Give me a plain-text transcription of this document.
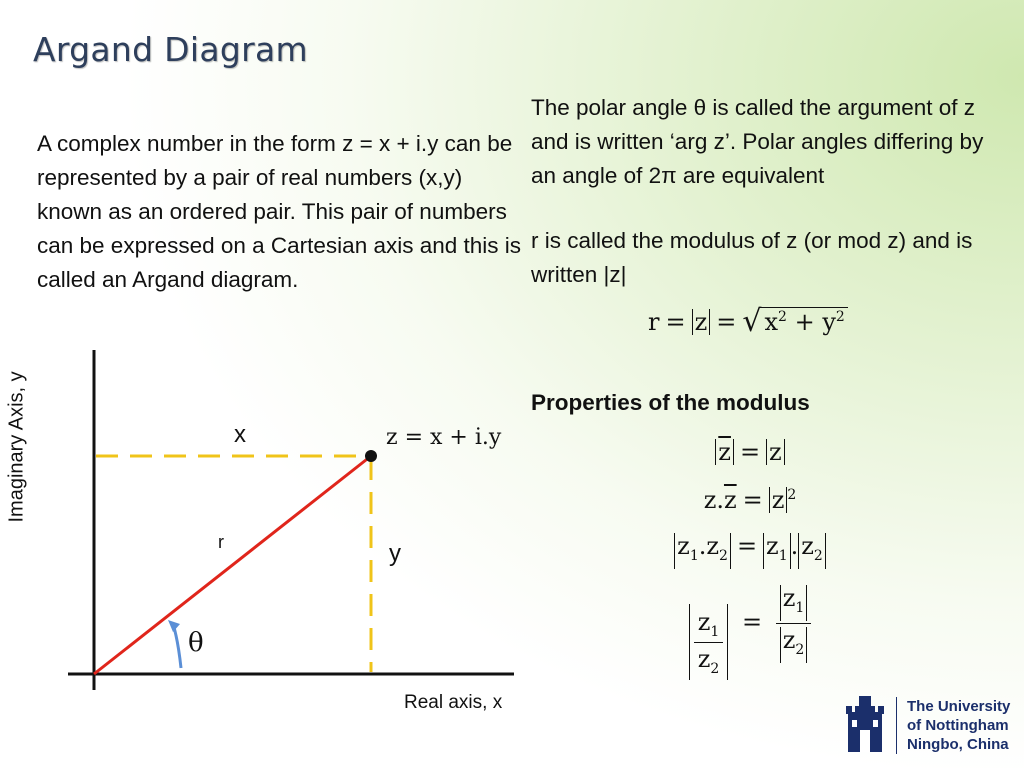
Argand Diagram
A complex number in the form z = x + i.y can be represented by a pair of real numbers (x,y) known as an ordered pair. This pair of numbers can be expressed on a Cartesian axis and this is called an Argand diagram.
The polar angle θ is called the argument of z and is written ‘arg z’. Polar angles differing by an angle of 2π are equivalent
r is called the modulus of z (or mod z) and is written |z|
r = z = √ $x^2 + y^2$
Properties of the modulus
$\overline{z} = z$
$z.\overline{z} = z$ $^2$
$z_1.z_2 = z_1$ . $z_2$
$\frac{z_1}{z_2} = \frac{z_1}{z_2}$
Imaginary Axis, y	z = x + i.y
x
y
r
θ
Real axis, x	The University
of Nottingham
Ningbo, China
